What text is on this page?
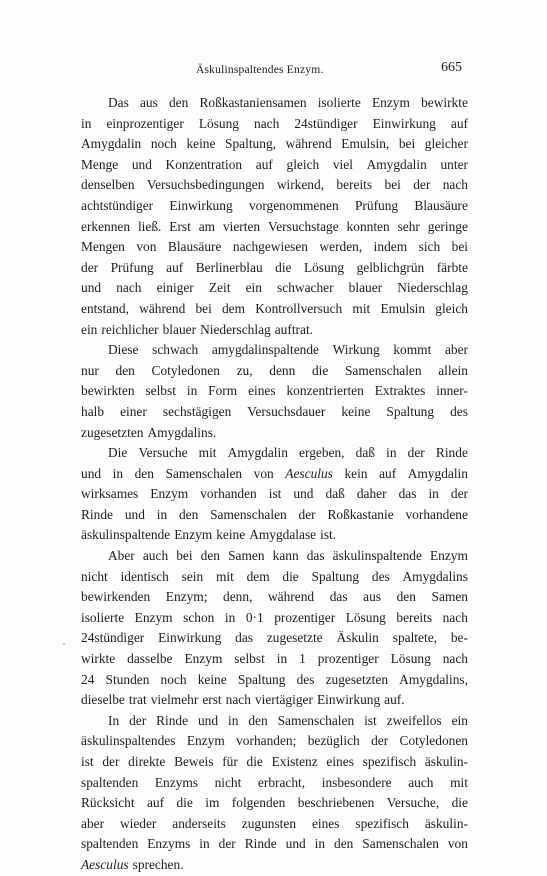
Äskulinspaltendes Enzym.	665
·
Das aus den Roßkastaniensamen isolierte Enzym bewirkte
in einprozentiger Lösung nach 24stündiger Einwirkung auf
Amygdalin noch keine Spaltung, während Emulsin, bei gleicher
Menge und Konzentration auf gleich viel Amygdalin unter
denselben Versuchsbedingungen wirkend, bereits bei der nach
achtstündiger Einwirkung vorgenommenen Prüfung Blausäure
erkennen ließ. Erst am vierten Versuchstage konnten sehr geringe
Mengen von Blausäure nachgewiesen werden, indem sich bei
der Prüfung auf Berlinerblau die Lösung gelblichgrün färbte
und nach einiger Zeit ein schwacher blauer Niederschlag
entstand, während bei dem Kontrollversuch mit Emulsin gleich
ein reichlicher blauer Niederschlag auftrat.
Diese schwach amygdalinspaltende Wirkung kommt aber
nur den Cotyledonen zu, denn die Samenschalen allein
bewirkten selbst in Form eines konzentrierten Extraktes inner-
halb einer sechstägigen Versuchsdauer keine Spaltung des
zugesetzten Amygdalins.
Die Versuche mit Amygdalin ergeben, daß in der Rinde
und in den Samenschalen von Aesculus kein auf Amygdalin
wirksames Enzym vorhanden ist und daß daher das in der
Rinde und in den Samenschalen der Roßkastanie vorhandene
äskulinspaltende Enzym keine Amygdalase ist.
Aber auch bei den Samen kann das äskulinspaltende Enzym
nicht identisch sein mit dem die Spaltung des Amygdalins
bewirkenden Enzym; denn, während das aus den Samen
isolierte Enzym schon in 0·1 prozentiger Lösung bereits nach
24stündiger Einwirkung das zugesetzte Äskulin spaltete, be-
wirkte dasselbe Enzym selbst in 1 prozentiger Lösung nach
24 Stunden noch keine Spaltung des zugesetzten Amygdalins,
dieselbe trat vielmehr erst nach viertägiger Einwirkung auf.
In der Rinde und in den Samenschalen ist zweifellos ein
äskulinspaltendes Enzym vorhanden; bezüglich der Cotyledonen
ist der direkte Beweis für die Existenz eines spezifisch äskulin-
spaltenden Enzyms nicht erbracht, insbesondere auch mit
Rücksicht auf die im folgenden beschriebenen Versuche, die
aber wieder anderseits zugunsten eines spezifisch äskulin-
spaltenden Enzyms in der Rinde und in den Samenschalen von
Aesculus sprechen.
